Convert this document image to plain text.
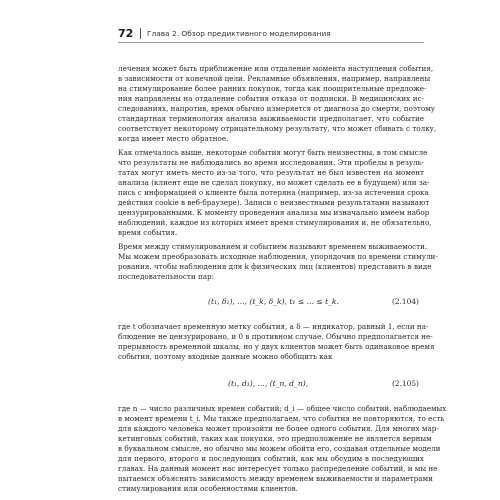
72 Глава 2. Обзор предиктивного моделирования
лечения может быть приближение или отдаление момента наступления события,
в зависимости от конечной цели. Рекламные объявления, например, направлены
на стимулирование более ранних покупок, тогда как поощрительные предложе-
ния направлены на отдаление события отказа от подписки. В медицинских ис-
следованиях, напротив, время обычно измеряется от диагноза до смерти, поэтому
стандартная терминология анализа выживаемости предполагает, что событие
соответствует некоторому отрицательному результату, что может сбивать с толку,
когда имеет место обратное.
Как отмечалось выше, некоторые события могут быть неизвестны, в том смысле
что результаты не наблюдались во время исследования. Эти пробелы в резуль-
татах могут иметь место из-за того, что результат не был известен на момент
анализа (клиент еще не сделал покупку, но может сделать ее в будущем) или за-
пись с информацией о клиенте была потеряна (например, из-за истечения срока
действия cookie в веб-браузере). Записи с неизвестными результатами называют
цензурированными. К моменту проведения анализа мы изначально имеем набор
наблюдений, каждое из которых имеет время стимулирования и, не обязательно,
время события.
Время между стимулированием и событием называют временем выживаемости.
Мы можем преобразовать исходные наблюдения, упорядочив по времени стимули-
рования, чтобы наблюдения для k физических лиц (клиентов) представить в виде
последовательности пар:
(t₁, δ₁), ..., (t_k, δ_k), t₁ ≤ ... ≤ t_k.	(2.104)
где t обозначает временную метку события, а δ — индикатор, равный 1, если на-
блюдение не цензурировано, и 0 в противном случае. Обычно предполагается не-
прерывность временной шкалы, но у двух клиентов может быть одинаковое время
события, поэтому входные данные можно обобщить как
(t₁, d₁), ..., (t_n, d_n),	(2.105)
где n — число различных времен событий; d_i — общее число событий, наблюдаемых
в момент времени t_i. Мы также предполагаем, что события не повторяются, то есть
для каждого человека может произойти не более одного события. Для многих мар-
кетинговых событий, таких как покупки, это предположение не является верным
в буквальном смысле, но обычно мы можем обойти его, создавая отдельные модели
для первого, второго и последующих событий, как мы обсудим в последующих
главах. На данный момент нас интересует только распределение событий, и мы не
пытаемся объяснить зависимость между временем выживаемости и параметрами
стимулирования или особенностями клиентов.
